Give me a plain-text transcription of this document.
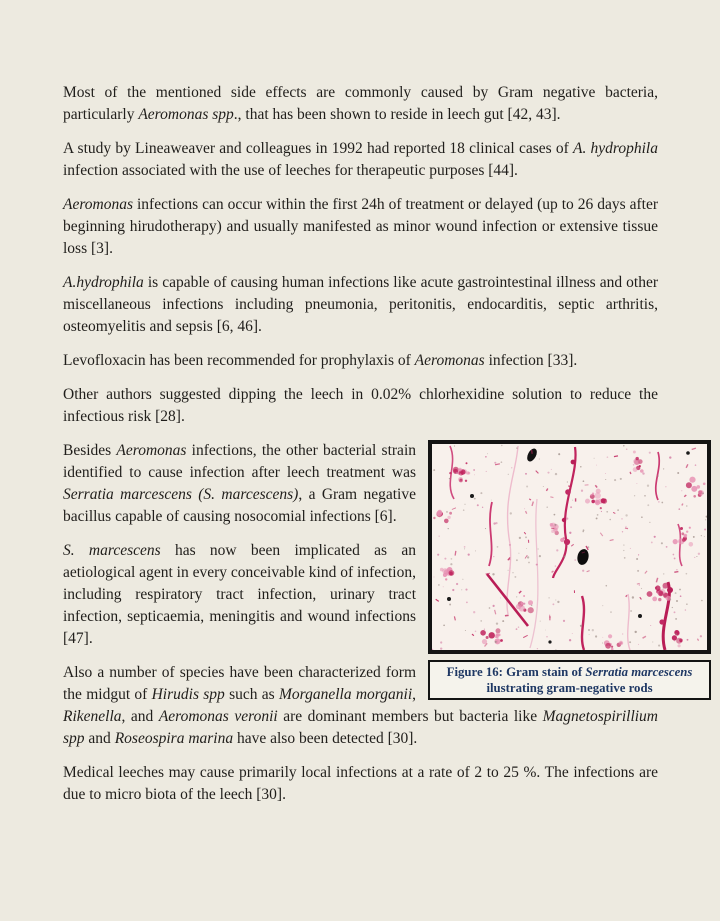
Most of the mentioned side effects are commonly caused by Gram negative bacteria, particularly Aeromonas spp., that has been shown to reside in leech gut [42, 43].

A study by Lineaweaver and colleagues in 1992 had reported 18 clinical cases of A. hydrophila infection associated with the use of leeches for therapeutic purposes [44].

Aeromonas infections can occur within the first 24h of treatment or delayed (up to 26 days after beginning hirudotherapy) and usually manifested as minor wound infection or extensive tissue loss [3].

A.hydrophila is capable of causing human infections like acute gastrointestinal illness and other miscellaneous infections including pneumonia, peritonitis, endocarditis, septic arthritis, osteomyelitis and sepsis [6, 46].

Levofloxacin has been recommended for prophylaxis of Aeromonas infection [33].

Other authors suggested dipping the leech in 0.02% chlorhexidine solution to reduce the infectious risk [28].

Figure 16: Gram stain of Serratia marcescens ilustrating gram-negative rods

Besides Aeromonas infections, the other bacterial strain identified to cause infection after leech treatment was Serratia marcescens (S. marcescens), a Gram negative bacillus capable of causing nosocomial infections [6].

S. marcescens has now been implicated as an aetiological agent in every conceivable kind of infection, including respiratory tract infection, urinary tract infection, septicaemia, meningitis and wound infections [47].

Also a number of species have been characterized form the midgut of Hirudis spp such as Morganella morganii, Rikenella, and Aeromonas veronii are dominant members but bacteria like Magnetospirillium spp and Roseospira marina have also been detected [30].

Medical leeches may cause primarily local infections at a rate of 2 to 25 %. The infections are due to micro biota of the leech [30].
